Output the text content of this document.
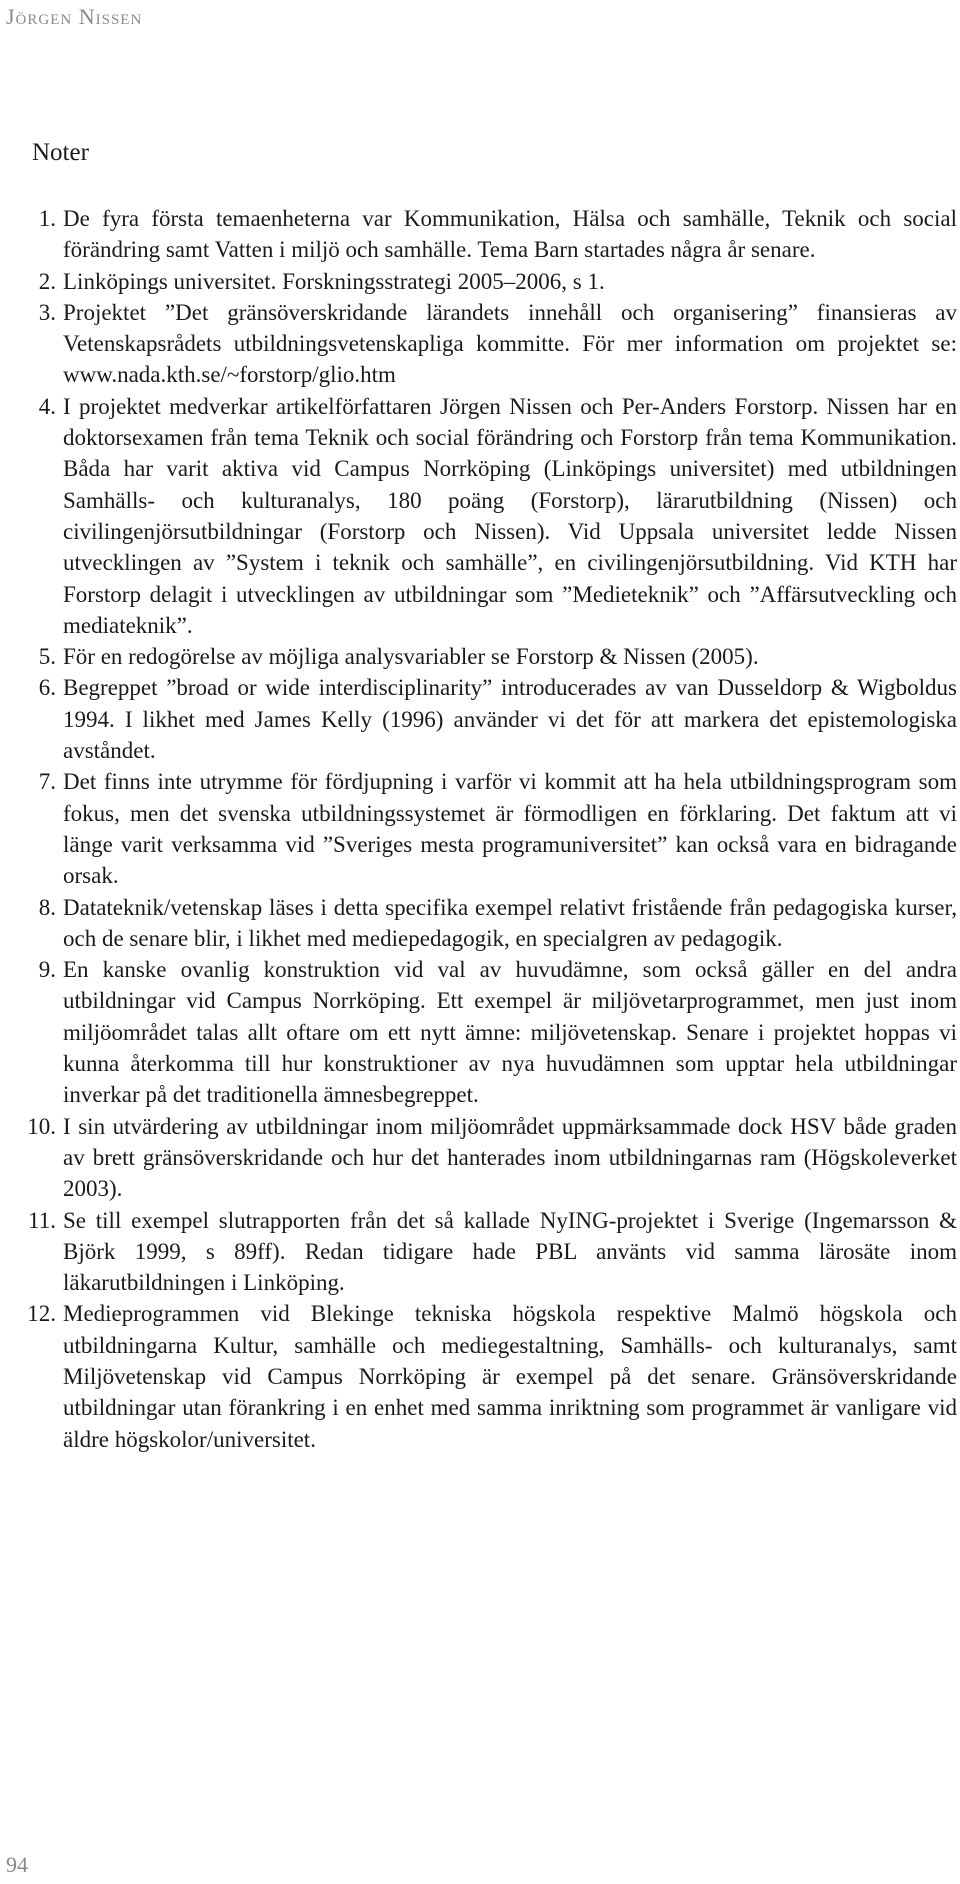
Jörgen Nissen
Noter
1. De fyra första temaenheterna var Kommunikation, Hälsa och samhälle, Teknik och social förändring samt Vatten i miljö och samhälle. Tema Barn startades några år senare.
2. Linköpings universitet. Forskningsstrategi 2005–2006, s 1.
3. Projektet ”Det gränsöverskridande lärandets innehåll och organisering” finansieras av Vetenskapsrådets utbildningsvetenskapliga kommitte. För mer information om projektet se: www.nada.kth.se/~forstorp/glio.htm
4. I projektet medverkar artikelförfattaren Jörgen Nissen och Per-Anders Forstorp. Nissen har en doktorsexamen från tema Teknik och social förändring och Forstorp från tema Kommunikation. Båda har varit aktiva vid Campus Norrköping (Linköpings universitet) med utbildningen Samhälls- och kulturanalys, 180 poäng (Forstorp), lärarutbildning (Nissen) och civilingenjörsutbildningar (Forstorp och Nissen). Vid Uppsala universitet ledde Nissen utvecklingen av ”System i teknik och samhälle”, en civilingenjörsutbildning. Vid KTH har Forstorp delagit i utvecklingen av utbildningar som ”Medieteknik” och ”Affärsutveckling och mediateknik”.
5. För en redogörelse av möjliga analysvariabler se Forstorp & Nissen (2005).
6. Begreppet ”broad or wide interdisciplinarity” introducerades av van Dusseldorp & Wigboldus 1994. I likhet med James Kelly (1996) använder vi det för att markera det epistemologiska avståndet.
7. Det finns inte utrymme för fördjupning i varför vi kommit att ha hela utbildningsprogram som fokus, men det svenska utbildningssystemet är förmodligen en förklaring. Det faktum att vi länge varit verksamma vid ”Sveriges mesta programuniversitet” kan också vara en bidragande orsak.
8. Datateknik/vetenskap läses i detta specifika exempel relativt fristående från pedagogiska kurser, och de senare blir, i likhet med mediepedagogik, en specialgren av pedagogik.
9. En kanske ovanlig konstruktion vid val av huvudämne, som också gäller en del andra utbildningar vid Campus Norrköping. Ett exempel är miljövetarprogrammet, men just inom miljöområdet talas allt oftare om ett nytt ämne: miljövetenskap. Senare i projektet hoppas vi kunna återkomma till hur konstruktioner av nya huvudämnen som upptar hela utbildningar inverkar på det traditionella ämnesbegreppet.
10. I sin utvärdering av utbildningar inom miljöområdet uppmärksammade dock HSV både graden av brett gränsöverskridande och hur det hanterades inom utbildningarnas ram (Högskoleverket 2003).
11. Se till exempel slutrapporten från det så kallade NyING-projektet i Sverige (Ingemarsson & Björk 1999, s 89ff). Redan tidigare hade PBL använts vid samma lärosäte inom läkarutbildningen i Linköping.
12. Medieprogrammen vid Blekinge tekniska högskola respektive Malmö högskola och utbildningarna Kultur, samhälle och mediegestaltning, Samhälls- och kulturanalys, samt Miljövetenskap vid Campus Norrköping är exempel på det senare. Gränsöverskridande utbildningar utan förankring i en enhet med samma inriktning som programmet är vanligare vid äldre högskolor/universitet.
94
